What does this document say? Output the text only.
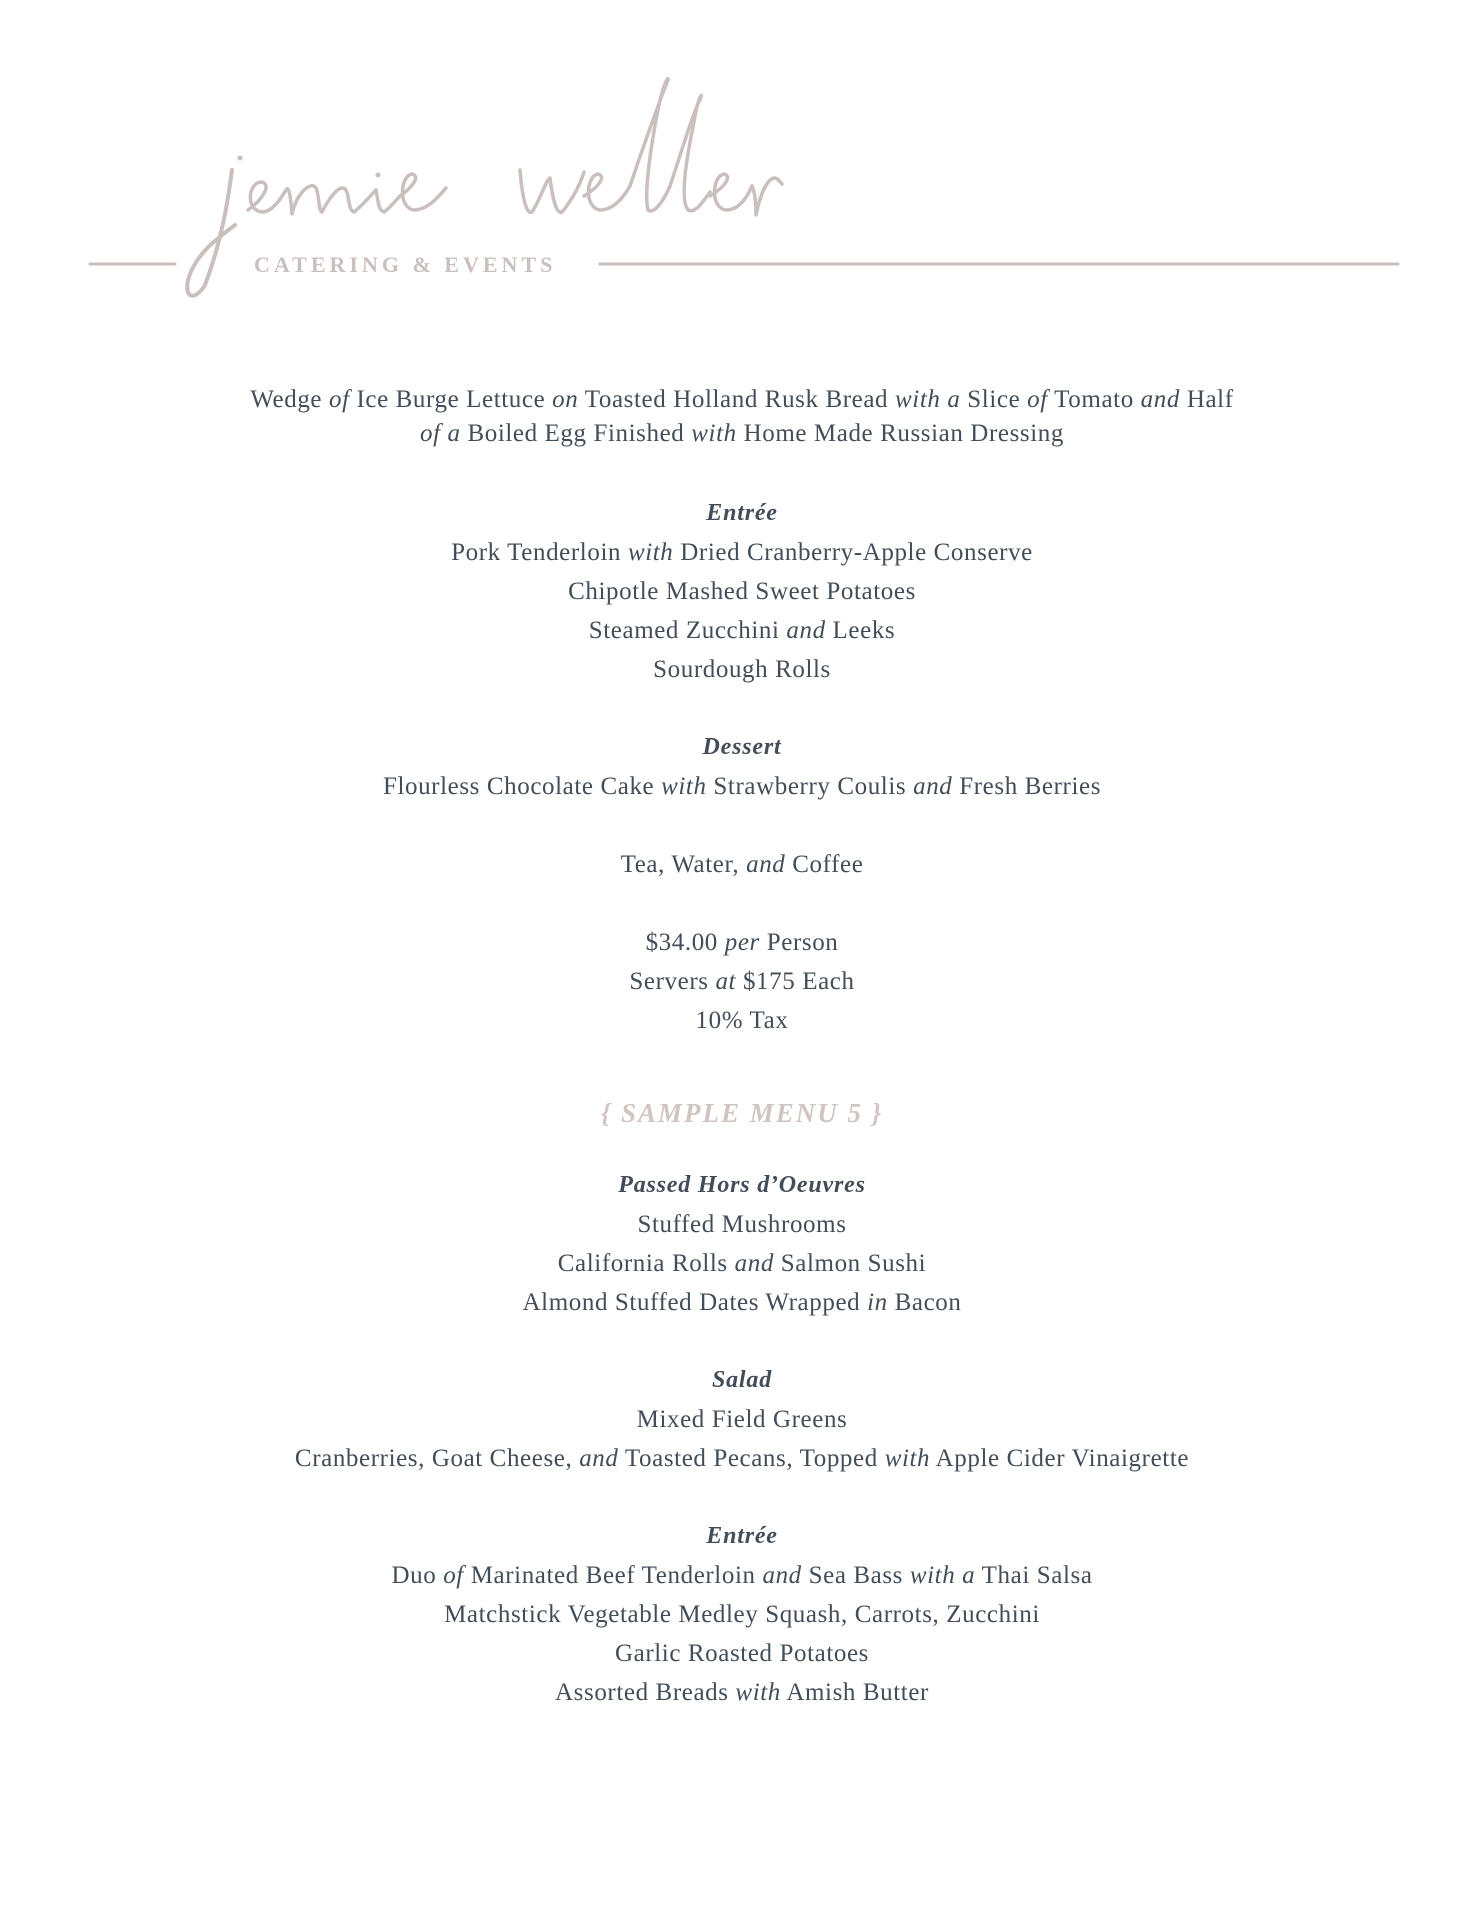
CATERING & EVENTS
Wedge of Ice Burge Lettuce on Toasted Holland Rusk Bread with a Slice of Tomato and Half
of a Boiled Egg Finished with Home Made Russian Dressing
Entrée
Pork Tenderloin with Dried Cranberry-Apple Conserve
Chipotle Mashed Sweet Potatoes
Steamed Zucchini and Leeks
Sourdough Rolls
Dessert
Flourless Chocolate Cake with Strawberry Coulis and Fresh Berries
Tea, Water, and Coffee
$34.00 per Person
Servers at $175 Each
10% Tax
{ SAMPLE MENU 5 }
Passed Hors d’Oeuvres
Stuffed Mushrooms
California Rolls and Salmon Sushi
Almond Stuffed Dates Wrapped in Bacon
Salad
Mixed Field Greens
Cranberries, Goat Cheese, and Toasted Pecans, Topped with Apple Cider Vinaigrette
Entrée
Duo of Marinated Beef Tenderloin and Sea Bass with a Thai Salsa
Matchstick Vegetable Medley Squash, Carrots, Zucchini
Garlic Roasted Potatoes
Assorted Breads with Amish Butter
